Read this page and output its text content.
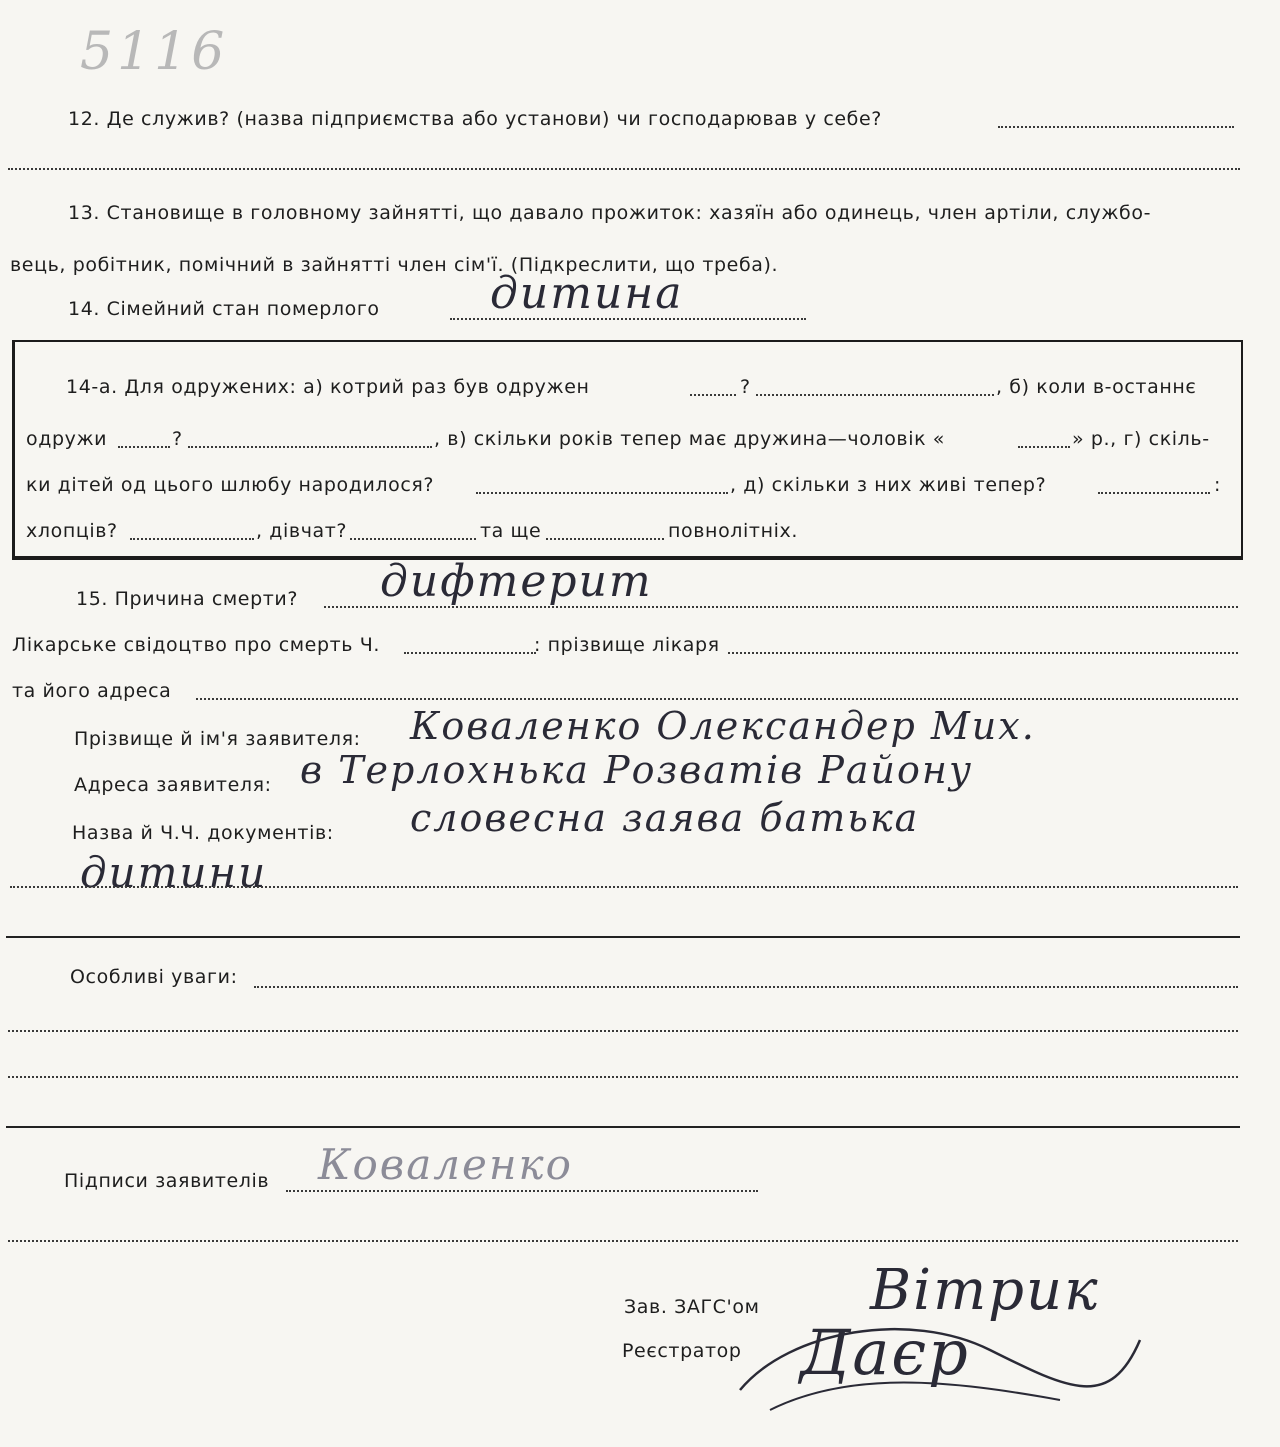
5116
12. Де служив? (назва підприємства або установи) чи господарював у себе?
13. Становище в головному зайнятті, що давало прожиток: хазяїн або одинець, член артіли, службо-
вець, робітник, помічний в зайнятті член сім'ї. (Підкреслити, що треба).
14. Сімейний стан померлого	дитина
14-а. Для одружених: а) котрий раз був одружен	?	, б) коли в-останнє
одружи	?	, в) скільки років тепер має дружина—чоловік «	» р., г) скіль-
ки дітей од цього шлюбу народилося?	, д) скільки з них живі тепер?	:
хлопців?	, дівчат?	та ще	повнолітніх.
15. Причина смерти? дифтерит
Лікарське свідоцтво про смерть Ч.	: прізвище лікаря
та його адреса
Прізвище й ім'я заявителя: Коваленко Олександер Мих.
Адреса заявителя: в Терлохнька Розватів Району
Назва й Ч.Ч. документів: словесна заява батька
дитини
Особливі уваги:
Підписи заявителів Коваленко
Зав. ЗАГС'ом Вітрик
Реєстратор Даєр
